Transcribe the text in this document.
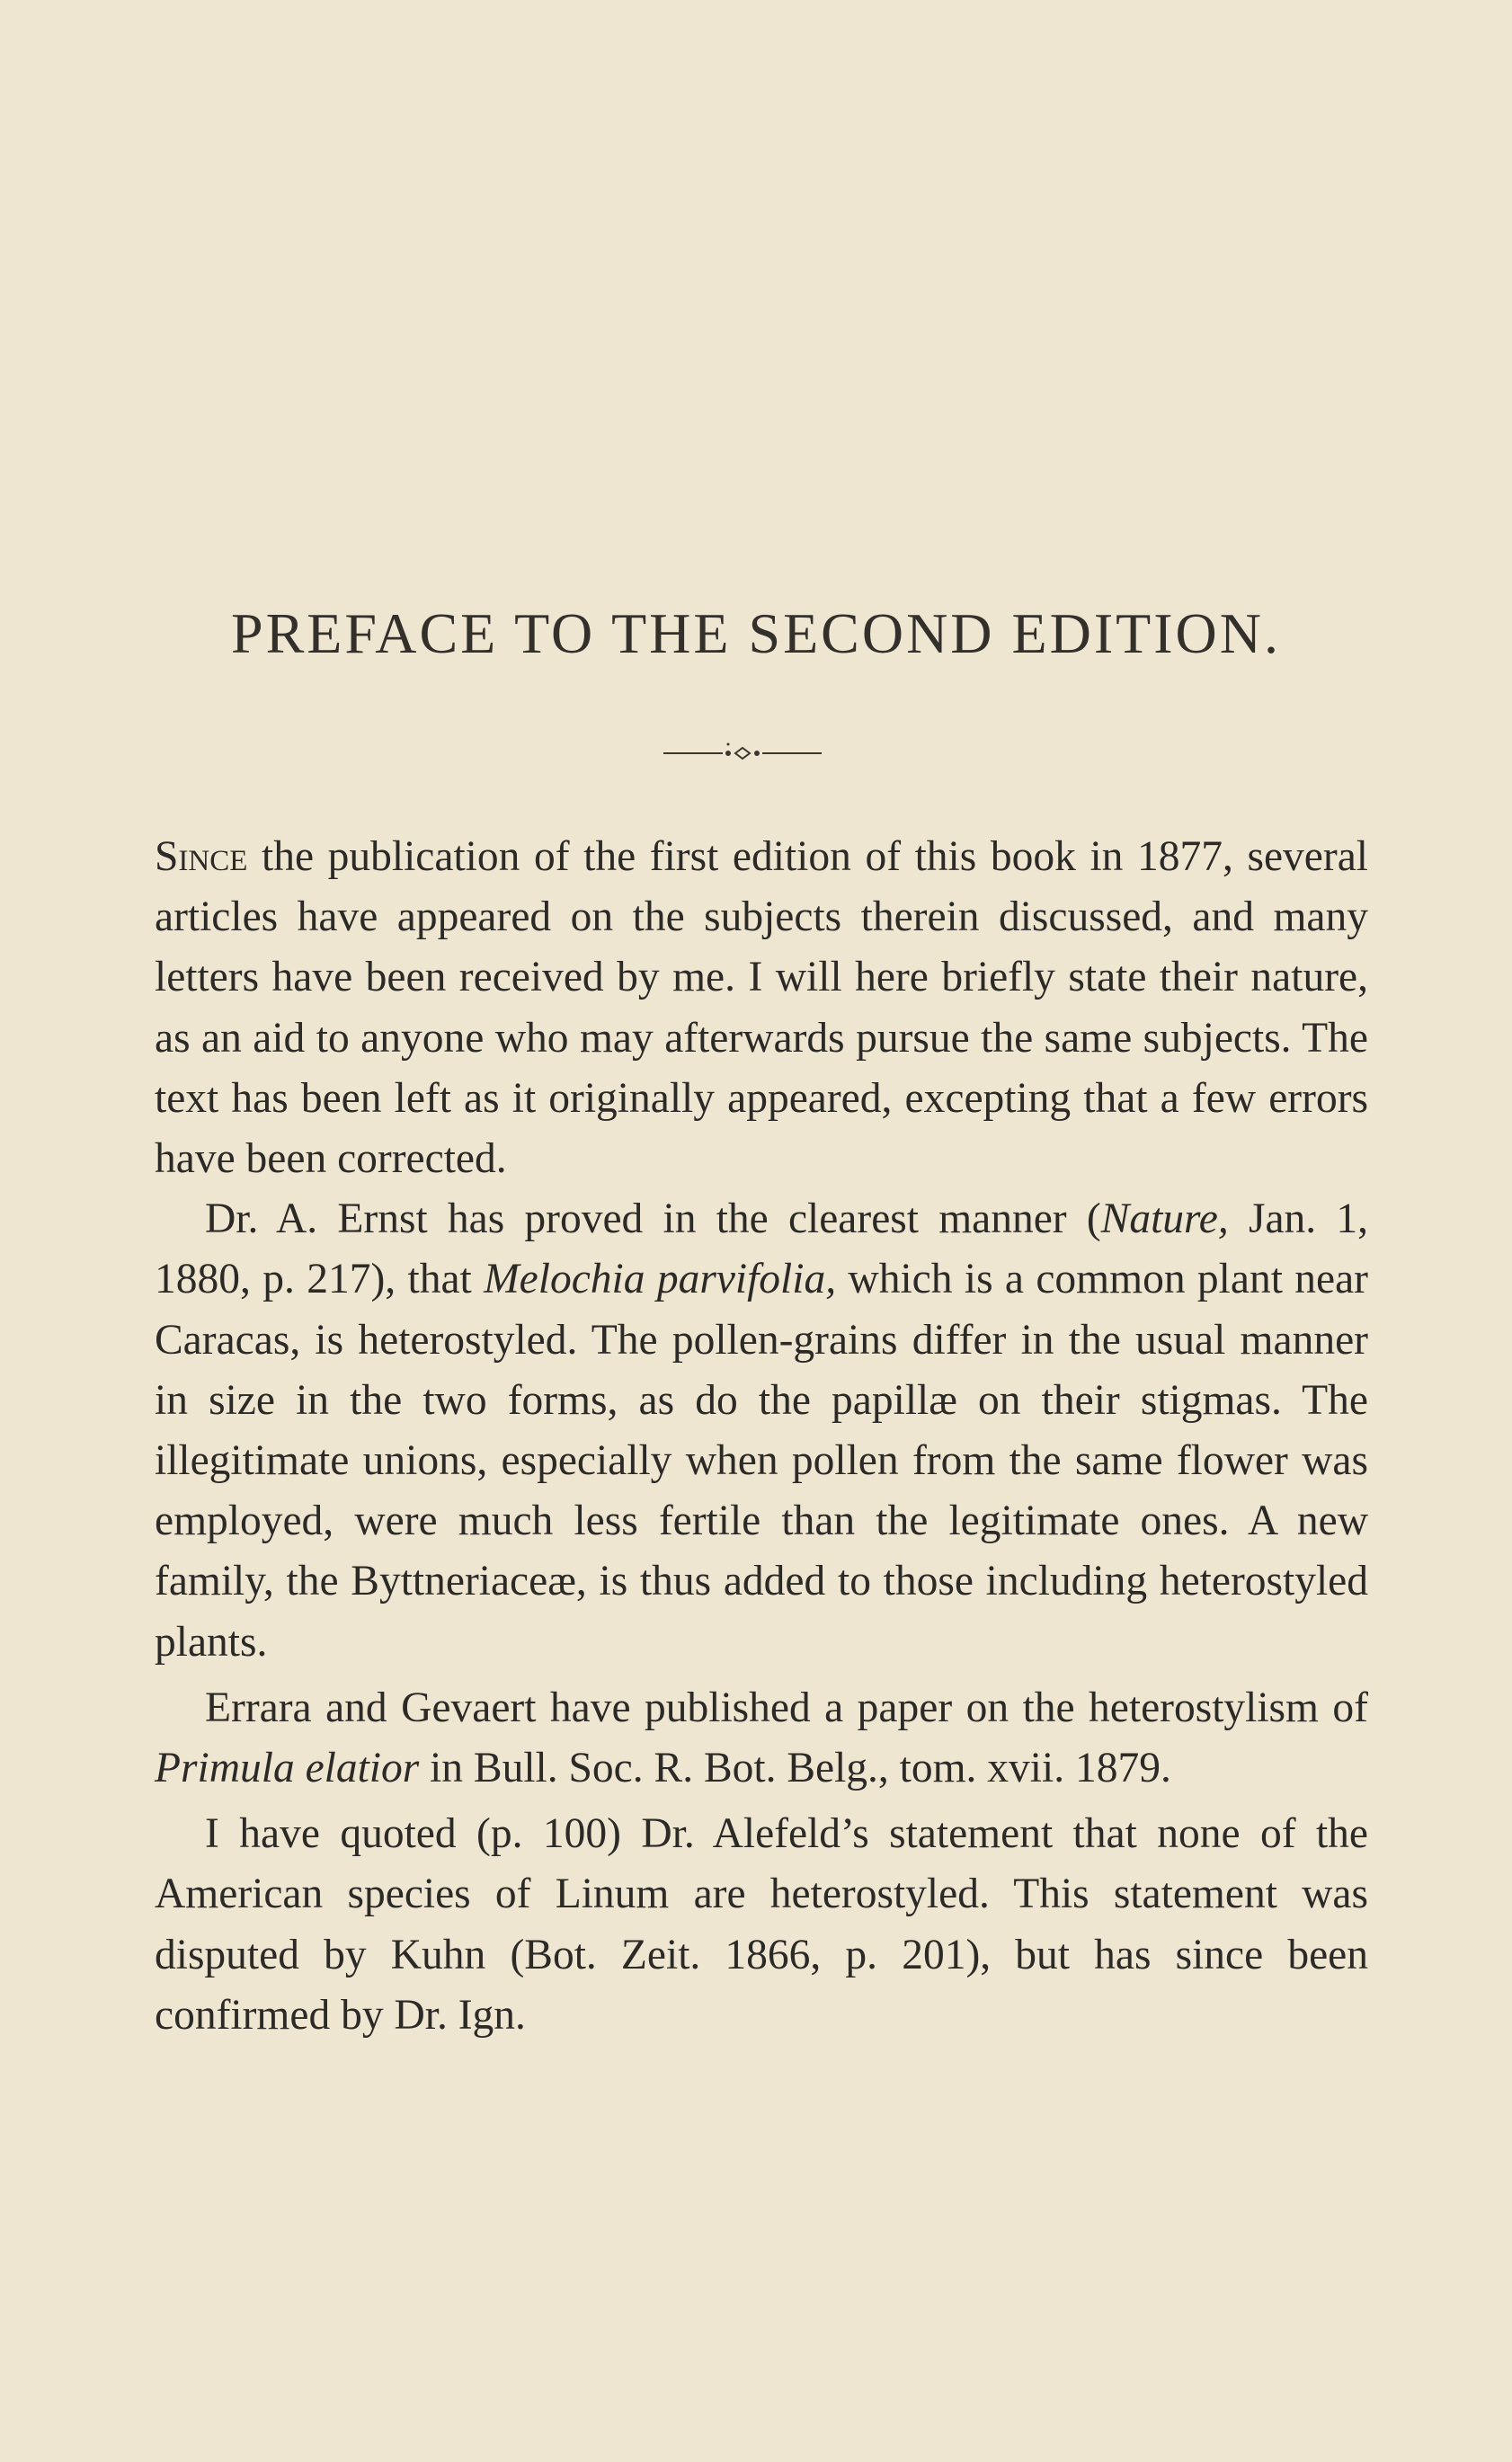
PREFACE TO THE SECOND EDITION.

Since the publication of the first edition of this book in 1877, several articles have appeared on the subjects therein discussed, and many letters have been received by me. I will here briefly state their nature, as an aid to anyone who may afterwards pursue the same subjects. The text has been left as it originally appeared, excepting that a few errors have been corrected.

Dr. A. Ernst has proved in the clearest manner (Nature, Jan. 1, 1880, p. 217), that Melochia parvifolia, which is a common plant near Caracas, is heterostyled. The pollen-grains differ in the usual manner in size in the two forms, as do the papillæ on their stigmas. The illegitimate unions, especially when pollen from the same flower was employed, were much less fertile than the legitimate ones. A new family, the Byttneriaceæ, is thus added to those including heterostyled plants.

Errara and Gevaert have published a paper on the heterostylism of Primula elatior in Bull. Soc. R. Bot. Belg., tom. xvii. 1879.

I have quoted (p. 100) Dr. Alefeld’s statement that none of the American species of Linum are heterostyled. This statement was disputed by Kuhn (Bot. Zeit. 1866, p. 201), but has since been confirmed by Dr. Ign.
